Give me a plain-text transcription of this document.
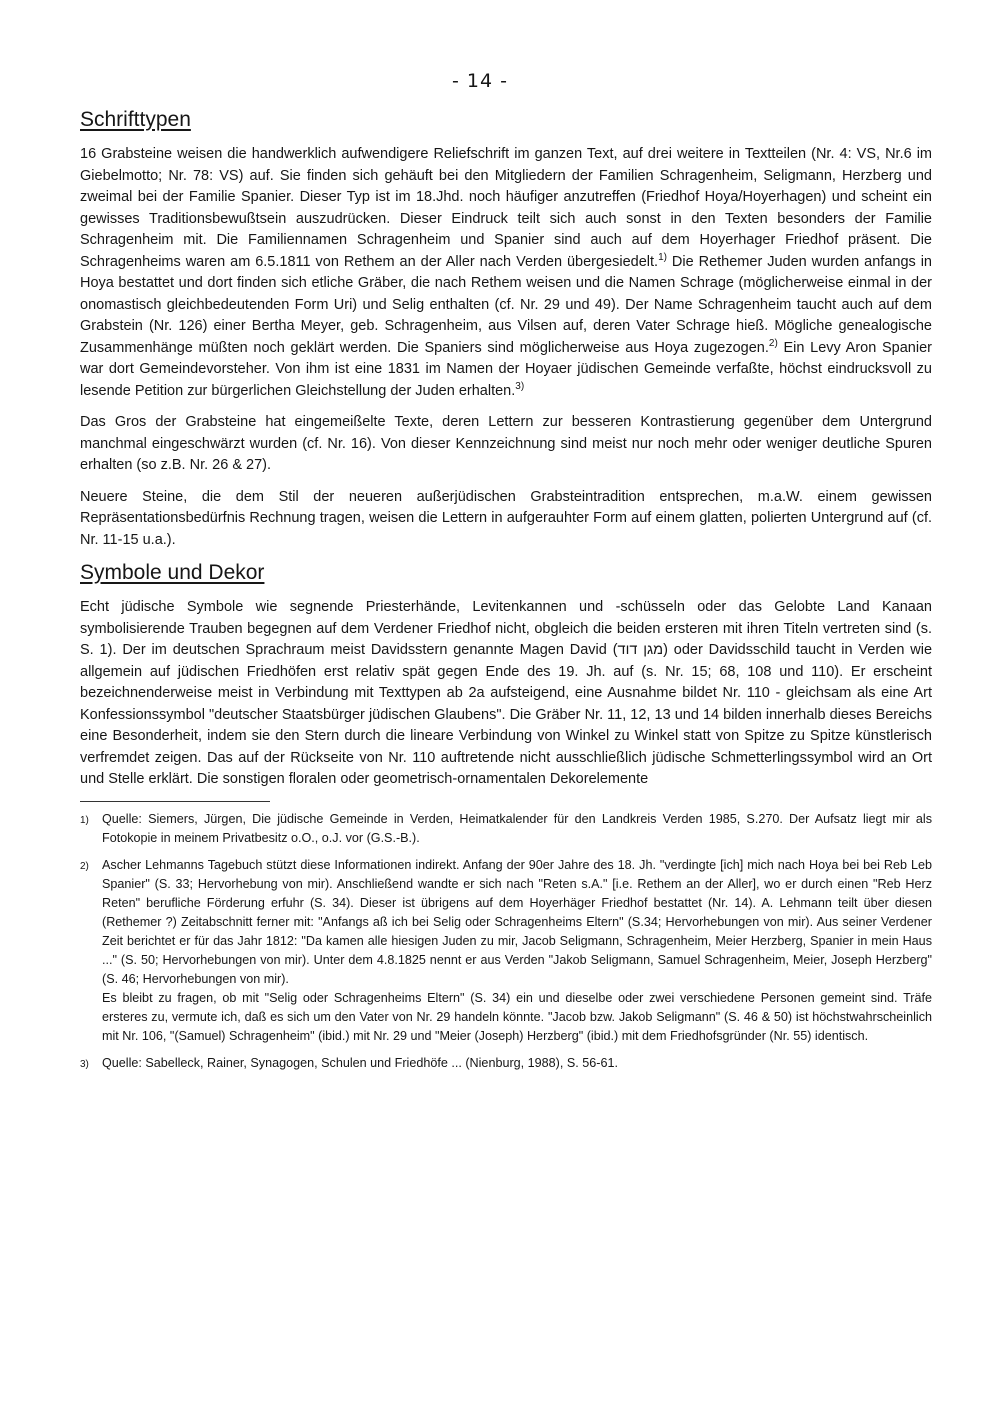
- 14 -
Schrifttypen

16 Grabsteine weisen die handwerklich aufwendigere Reliefschrift im ganzen Text, auf drei weitere in Textteilen (Nr. 4: VS, Nr.6 im Giebelmotto; Nr. 78: VS) auf. Sie finden sich gehäuft bei den Mitgliedern der Familien Schragenheim, Seligmann, Herzberg und zweimal bei der Familie Spanier. Dieser Typ ist im 18.Jhd. noch häufiger anzutreffen (Friedhof Hoya/Hoyerhagen) und scheint ein gewisses Traditionsbewußtsein auszudrücken. Dieser Eindruck teilt sich auch sonst in den Texten besonders der Familie Schragenheim mit. Die Familiennamen Schragenheim und Spanier sind auch auf dem Hoyerhager Friedhof präsent. Die Schragenheims waren am 6.5.1811 von Rethem an der Aller nach Verden übergesiedelt.$^{1)}$ Die Rethemer Juden wurden anfangs in Hoya bestattet und dort finden sich etliche Gräber, die nach Rethem weisen und die Namen Schrage (möglicherweise einmal in der onomastisch gleichbedeutenden Form Uri) und Selig enthalten (cf. Nr. 29 und 49). Der Name Schragenheim taucht auch auf dem Grabstein (Nr. 126) einer Bertha Meyer, geb. Schragenheim, aus Vilsen auf, deren Vater Schrage hieß. Mögliche genealogische Zusammenhänge müßten noch geklärt werden. Die Spaniers sind möglicherweise aus Hoya zugezogen.$^{2)}$ Ein Levy Aron Spanier war dort Gemeindevorsteher. Von ihm ist eine 1831 im Namen der Hoyaer jüdischen Gemeinde verfaßte, höchst eindrucksvoll zu lesende Petition zur bürgerlichen Gleichstellung der Juden erhalten.$^{3)}$

Das Gros der Grabsteine hat eingemeißelte Texte, deren Lettern zur besseren Kontrastierung gegenüber dem Untergrund manchmal eingeschwärzt wurden (cf. Nr. 16). Von dieser Kennzeichnung sind meist nur noch mehr oder weniger deutliche Spuren erhalten (so z.B. Nr. 26 & 27).

Neuere Steine, die dem Stil der neueren außerjüdischen Grabsteintradition entsprechen, m.a.W. einem gewissen Repräsentationsbedürfnis Rechnung tragen, weisen die Lettern in aufgerauhter Form auf einem glatten, polierten Untergrund auf (cf. Nr. 11-15 u.a.).

Symbole und Dekor

Echt jüdische Symbole wie segnende Priesterhände, Levitenkannen und -schüsseln oder das Gelobte Land Kanaan symbolisierende Trauben begegnen auf dem Verdener Friedhof nicht, obgleich die beiden ersteren mit ihren Titeln vertreten sind (s. S. 1). Der im deutschen Sprachraum meist Davidsstern genannte Magen David (מגן דוד) oder Davidsschild taucht in Verden wie allgemein auf jüdischen Friedhöfen erst relativ spät gegen Ende des 19. Jh. auf (s. Nr. 15; 68, 108 und 110). Er erscheint bezeichnenderweise meist in Verbindung mit Texttypen ab 2a aufsteigend, eine Ausnahme bildet Nr. 110 - gleichsam als eine Art Konfessionssymbol "deutscher Staatsbürger jüdischen Glaubens". Die Gräber Nr. 11, 12, 13 und 14 bilden innerhalb dieses Bereichs eine Besonderheit, indem sie den Stern durch die lineare Verbindung von Winkel zu Winkel statt von Spitze zu Spitze künstlerisch verfremdet zeigen. Das auf der Rückseite von Nr. 110 auftretende nicht ausschließlich jüdische Schmetterlingssymbol wird an Ort und Stelle erklärt. Die sonstigen floralen oder geometrisch-ornamentalen Dekorelemente

1)	Quelle: Siemers, Jürgen, Die jüdische Gemeinde in Verden, Heimatkalender für den Landkreis Verden 1985, S.270. Der Aufsatz liegt mir als Fotokopie in meinem Privatbesitz o.O., o.J. vor (G.S.-B.).
2)	Ascher Lehmanns Tagebuch stützt diese Informationen indirekt. Anfang der 90er Jahre des 18. Jh. "verdingte [ich] mich nach Hoya bei bei Reb Leb Spanier" (S. 33; Hervorhebung von mir). Anschließend wandte er sich nach "Reten s.A." [i.e. Rethem an der Aller], wo er durch einen "Reb Herz Reten" berufliche Förderung erfuhr (S. 34). Dieser ist übrigens auf dem Hoyerhäger Friedhof bestattet (Nr. 14). A. Lehmann teilt über diesen (Rethemer ?) Zeitabschnitt ferner mit: "Anfangs aß ich bei Selig oder Schragenheims Eltern" (S.34; Hervorhebungen von mir). Aus seiner Verdener Zeit berichtet er für das Jahr 1812: "Da kamen alle hiesigen Juden zu mir, Jacob Seligmann, Schragenheim, Meier Herzberg, Spanier in mein Haus ..." (S. 50; Hervorhebungen von mir). Unter dem 4.8.1825 nennt er aus Verden "Jakob Seligmann, Samuel Schragenheim, Meier, Joseph Herzberg" (S. 46; Hervorhebungen von mir).

Es bleibt zu fragen, ob mit "Selig oder Schragenheims Eltern" (S. 34) ein und dieselbe oder zwei verschiedene Personen gemeint sind. Träfe ersteres zu, vermute ich, daß es sich um den Vater von Nr. 29 handeln könnte. "Jacob bzw. Jakob Seligmann" (S. 46 & 50) ist höchstwahrscheinlich mit Nr. 106, "(Samuel) Schragenheim" (ibid.) mit Nr. 29 und "Meier (Joseph) Herzberg" (ibid.) mit dem Friedhofsgründer (Nr. 55) identisch.

3)	Quelle: Sabelleck, Rainer, Synagogen, Schulen und Friedhöfe ... (Nienburg, 1988), S. 56-61.
